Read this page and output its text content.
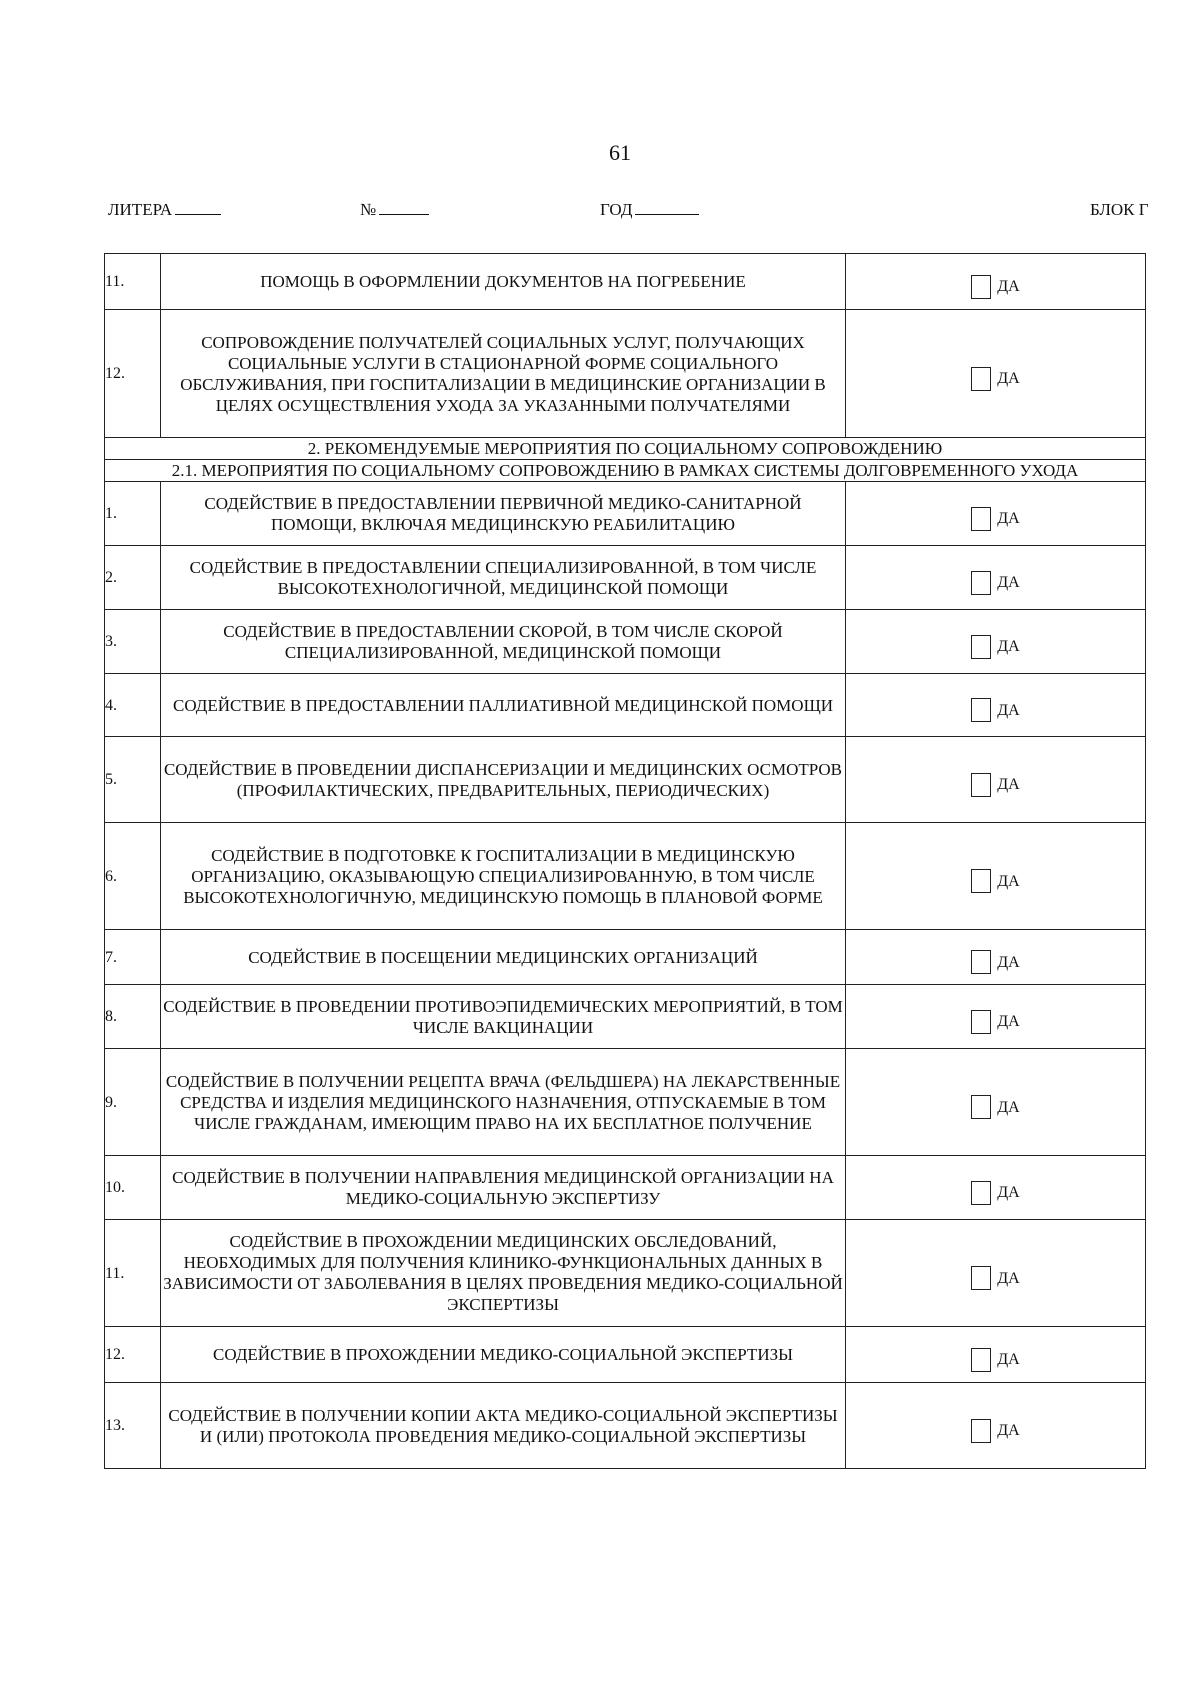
61
ЛИТЕРА	№	ГОД	БЛОК Г
11.	ПОМОЩЬ В ОФОРМЛЕНИИ ДОКУМЕНТОВ НА ПОГРЕБЕНИЕ	ДА

12.	СОПРОВОЖДЕНИЕ ПОЛУЧАТЕЛЕЙ СОЦИАЛЬНЫХ УСЛУГ, ПОЛУЧАЮЩИХ СОЦИАЛЬНЫЕ УСЛУГИ В СТАЦИОНАРНОЙ ФОРМЕ СОЦИАЛЬНОГО ОБСЛУЖИВАНИЯ, ПРИ ГОСПИТАЛИЗАЦИИ В МЕДИЦИНСКИЕ ОРГАНИЗАЦИИ В ЦЕЛЯХ ОСУЩЕСТВЛЕНИЯ УХОДА ЗА УКАЗАННЫМИ ПОЛУЧАТЕЛЯМИ	ДА

2. РЕКОМЕНДУЕМЫЕ МЕРОПРИЯТИЯ ПО СОЦИАЛЬНОМУ СОПРОВОЖДЕНИЮ		
2.1. МЕРОПРИЯТИЯ ПО СОЦИАЛЬНОМУ СОПРОВОЖДЕНИЮ В РАМКАХ СИСТЕМЫ ДОЛГОВРЕМЕННОГО УХОДА		
1.	СОДЕЙСТВИЕ В ПРЕДОСТАВЛЕНИИ ПЕРВИЧНОЙ МЕДИКО-САНИТАРНОЙ ПОМОЩИ, ВКЛЮЧАЯ МЕДИЦИНСКУЮ РЕАБИЛИТАЦИЮ	ДА

2.	СОДЕЙСТВИЕ В ПРЕДОСТАВЛЕНИИ СПЕЦИАЛИЗИРОВАННОЙ, В ТОМ ЧИСЛЕ ВЫСОКОТЕХНОЛОГИЧНОЙ, МЕДИЦИНСКОЙ ПОМОЩИ	ДА

3.	СОДЕЙСТВИЕ В ПРЕДОСТАВЛЕНИИ СКОРОЙ, В ТОМ ЧИСЛЕ СКОРОЙ СПЕЦИАЛИЗИРОВАННОЙ, МЕДИЦИНСКОЙ ПОМОЩИ	ДА

4.	СОДЕЙСТВИЕ В ПРЕДОСТАВЛЕНИИ ПАЛЛИАТИВНОЙ МЕДИЦИНСКОЙ ПОМОЩИ	ДА

5.	СОДЕЙСТВИЕ В ПРОВЕДЕНИИ ДИСПАНСЕРИЗАЦИИ И МЕДИЦИНСКИХ ОСМОТРОВ (ПРОФИЛАКТИЧЕСКИХ, ПРЕДВАРИТЕЛЬНЫХ, ПЕРИОДИЧЕСКИХ)	ДА

6.	СОДЕЙСТВИЕ В ПОДГОТОВКЕ К ГОСПИТАЛИЗАЦИИ В МЕДИЦИНСКУЮ ОРГАНИЗАЦИЮ, ОКАЗЫВАЮЩУЮ СПЕЦИАЛИЗИРОВАННУЮ, В ТОМ ЧИСЛЕ ВЫСОКОТЕХНОЛОГИЧНУЮ, МЕДИЦИНСКУЮ ПОМОЩЬ В ПЛАНОВОЙ ФОРМЕ	ДА

7.	СОДЕЙСТВИЕ В ПОСЕЩЕНИИ МЕДИЦИНСКИХ ОРГАНИЗАЦИЙ	ДА

8.	СОДЕЙСТВИЕ В ПРОВЕДЕНИИ ПРОТИВОЭПИДЕМИЧЕСКИХ МЕРОПРИЯТИЙ, В ТОМ ЧИСЛЕ ВАКЦИНАЦИИ	ДА

9.	СОДЕЙСТВИЕ В ПОЛУЧЕНИИ РЕЦЕПТА ВРАЧА (ФЕЛЬДШЕРА) НА ЛЕКАРСТВЕННЫЕ СРЕДСТВА И ИЗДЕЛИЯ МЕДИЦИНСКОГО НАЗНАЧЕНИЯ, ОТПУСКАЕМЫЕ В ТОМ ЧИСЛЕ ГРАЖДАНАМ, ИМЕЮЩИМ ПРАВО НА ИХ БЕСПЛАТНОЕ ПОЛУЧЕНИЕ	ДА

10.	СОДЕЙСТВИЕ В ПОЛУЧЕНИИ НАПРАВЛЕНИЯ МЕДИЦИНСКОЙ ОРГАНИЗАЦИИ НА МЕДИКО-СОЦИАЛЬНУЮ ЭКСПЕРТИЗУ	ДА

11.	СОДЕЙСТВИЕ В ПРОХОЖДЕНИИ МЕДИЦИНСКИХ ОБСЛЕДОВАНИЙ, НЕОБХОДИМЫХ ДЛЯ ПОЛУЧЕНИЯ КЛИНИКО-ФУНКЦИОНАЛЬНЫХ ДАННЫХ В ЗАВИСИМОСТИ ОТ ЗАБОЛЕВАНИЯ В ЦЕЛЯХ ПРОВЕДЕНИЯ МЕДИКО-СОЦИАЛЬНОЙ ЭКСПЕРТИЗЫ	ДА

12.	СОДЕЙСТВИЕ В ПРОХОЖДЕНИИ МЕДИКО-СОЦИАЛЬНОЙ ЭКСПЕРТИЗЫ	ДА

13.	СОДЕЙСТВИЕ В ПОЛУЧЕНИИ КОПИИ АКТА МЕДИКО-СОЦИАЛЬНОЙ ЭКСПЕРТИЗЫ И (ИЛИ) ПРОТОКОЛА ПРОВЕДЕНИЯ МЕДИКО-СОЦИАЛЬНОЙ ЭКСПЕРТИЗЫ	ДА
